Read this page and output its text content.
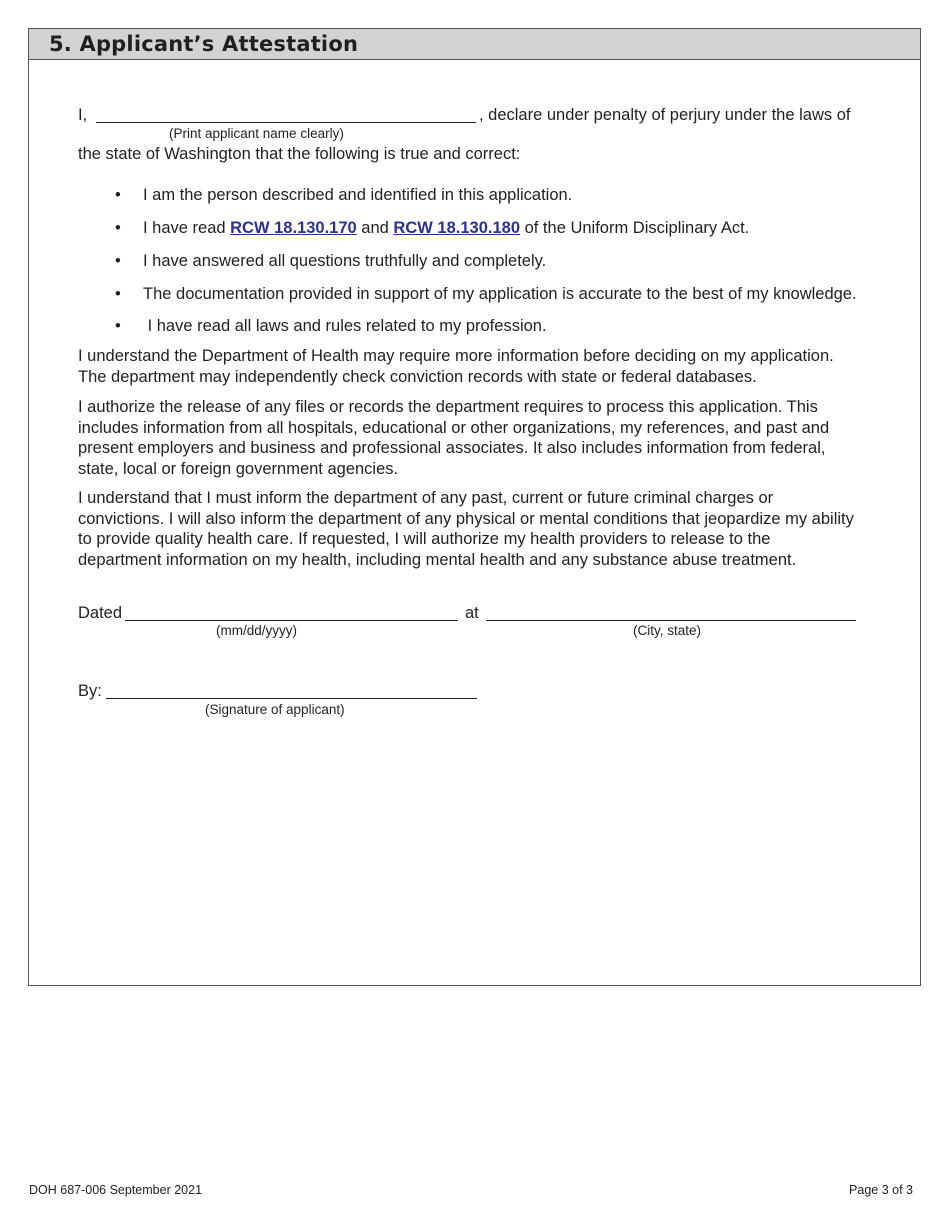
5. Applicant’s Attestation
I,	, declare under penalty of perjury under the laws of
(Print applicant name clearly)
the state of Washington that the following is true and correct:
• I am the person described and identified in this application.
• I have read RCW 18.130.170 and RCW 18.130.180 of the Uniform Disciplinary Act.
• I have answered all questions truthfully and completely.
• The documentation provided in support of my application is accurate to the best of my knowledge.
• I have read all laws and rules related to my profession.
I understand the Department of Health may require more information before deciding on my application.
The department may independently check conviction records with state or federal databases.
I authorize the release of any files or records the department requires to process this application. This
includes information from all hospitals, educational or other organizations, my references, and past and
present employers and business and professional associates. It also includes information from federal,
state, local or foreign government agencies.
I understand that I must inform the department of any past, current or future criminal charges or
convictions. I will also inform the department of any physical or mental conditions that jeopardize my ability
to provide quality health care. If requested, I will authorize my health providers to release to the
department information on my health, including mental health and any substance abuse treatment.
Dated
(mm/dd/yyyy)
at
(City, state)
By:
(Signature of applicant)
DOH 687-006 September 2021	Page 3 of 3
